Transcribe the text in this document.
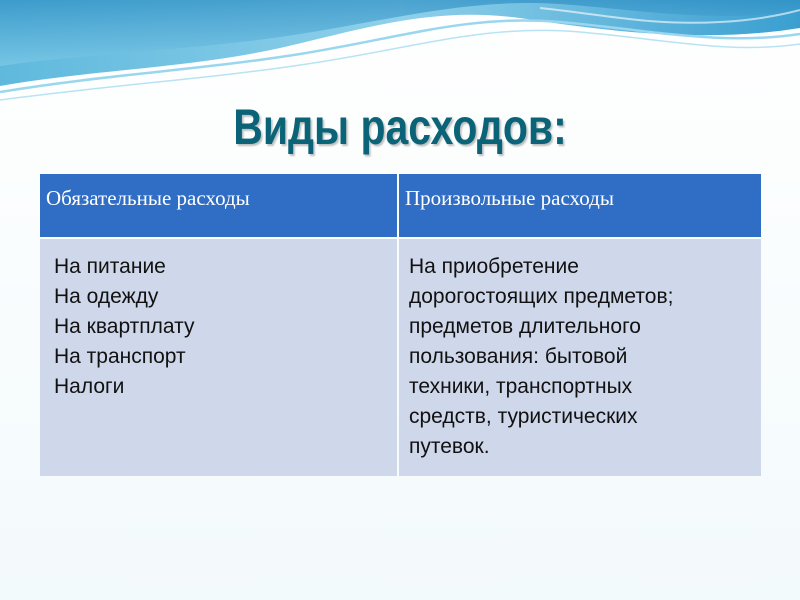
Виды расходов:
Обязательные расходы	Произвольные расходы
На питание
На одежду
На квартплату
На транспорт
Налоги
На приобретение
дорогостоящих предметов;
предметов длительного
пользования: бытовой
техники, транспортных
средств, туристических
путевок.
